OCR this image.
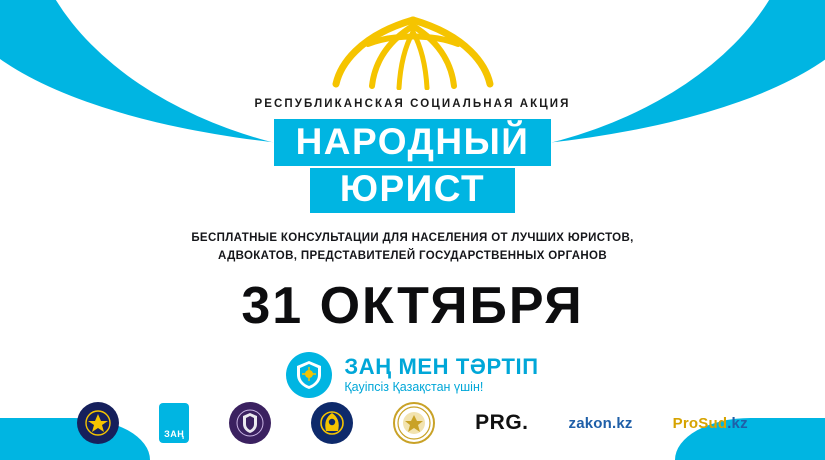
РЕСПУБЛИКАНСКАЯ СОЦИАЛЬНАЯ АКЦИЯ
НАРОДНЫЙ
ЮРИСТ
БЕСПЛАТНЫЕ КОНСУЛЬТАЦИИ ДЛЯ НАСЕЛЕНИЯ ОТ ЛУЧШИХ ЮРИСТОВ,
АДВОКАТОВ, ПРЕДСТАВИТЕЛЕЙ ГОСУДАРСТВЕННЫХ ОРГАНОВ
31 ОКТЯБРЯ
ЗАҢ МЕН ТӘРТІП
Қауіпсіз Қазақстан үшін!
ЗАҢ	PRG.	zakon.kz	ProSud.kz
